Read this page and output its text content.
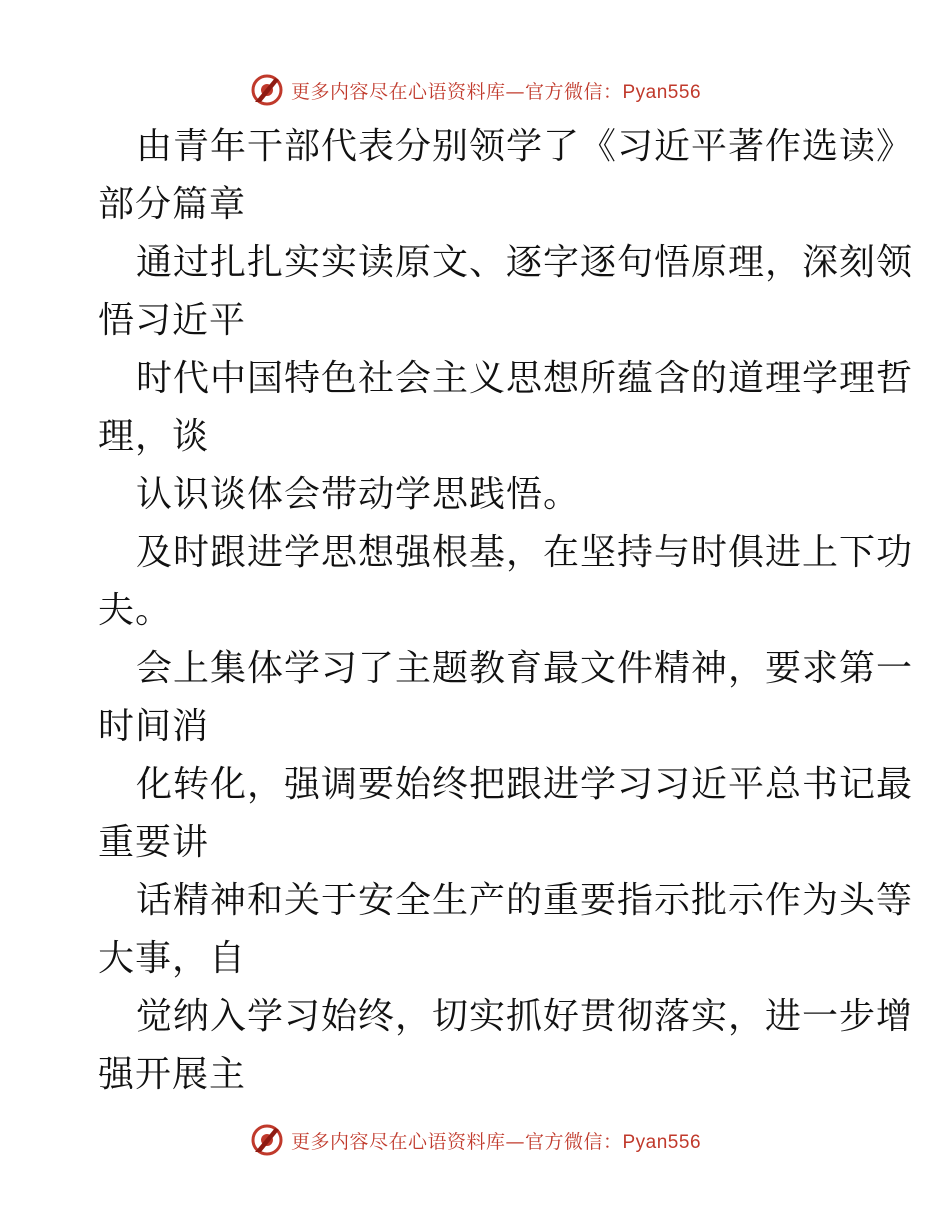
更多内容尽在心语资料库—官方微信：Pyan556
由青年干部代表分别领学了《习近平著作选读》
部分篇章
通过扎扎实实读原文、逐字逐句悟原理，深刻领
悟习近平
时代中国特色社会主义思想所蕴含的道理学理哲
理，谈
认识谈体会带动学思践悟。
及时跟进学思想强根基，在坚持与时俱进上下功
夫。
会上集体学习了主题教育最文件精神，要求第一
时间消
化转化，强调要始终把跟进学习习近平总书记最
重要讲
话精神和关于安全生产的重要指示批示作为头等
大事，自
觉纳入学习始终，切实抓好贯彻落实，进一步增
强开展主
更多内容尽在心语资料库—官方微信：Pyan556
